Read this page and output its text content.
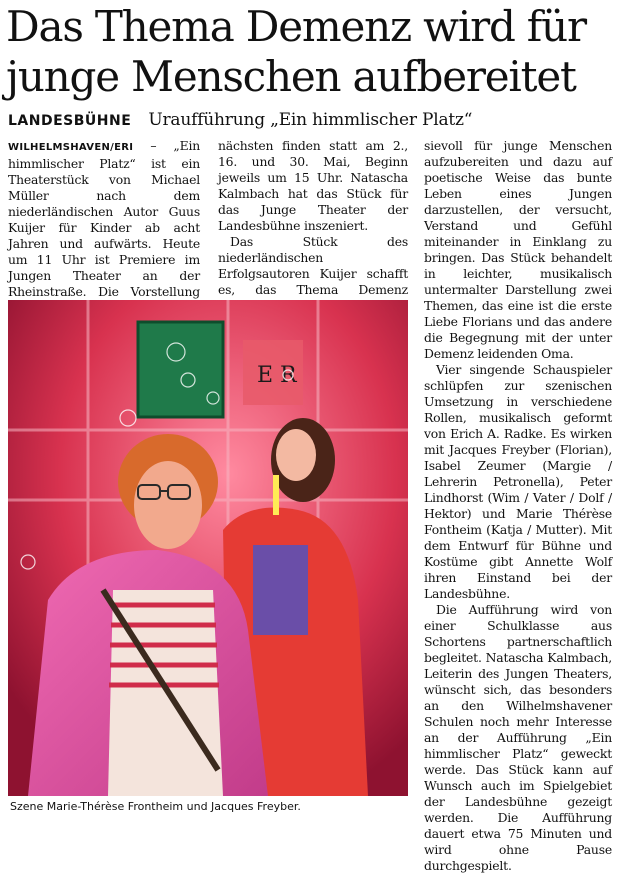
Das Thema Demenz wird für
junge Menschen aufbereitet
LANDESBÜHNE Uraufführung „Ein himmlischer Platz“

WILHELMSHAVEN/ERI – „Ein himmlischer Platz“ ist ein Theaterstück von Michael Müller nach dem niederländischen Autor Guus Kuijer für Kinder ab acht Jahren und aufwärts. Heute um 11 Uhr ist Premiere im Jungen Theater an der Rheinstraße. Die Vorstellung

nächsten finden statt am 2., 16. und 30. Mai, Beginn jeweils um 15 Uhr. Natascha Kalmbach hat das Stück für das Junge Theater der Landesbühne inszeniert.

Das Stück des niederländischen Erfolgsautoren Kuijer schafft es, das Thema Demenz

sievoll für junge Menschen aufzubereiten und dazu auf poetische Weise das bunte Leben eines Jungen darzustellen, der versucht, Verstand und Gefühl miteinander in Einklang zu bringen. Das Stück behandelt in leichter, musikalisch untermalter Darstellung zwei Themen, das eine ist die erste Liebe Florians und das andere die Begegnung mit der unter Demenz leidenden Oma.

Vier singende Schauspieler schlüpfen zur szenischen Umsetzung in verschiedene Rollen, musikalisch geformt von Erich A. Radke. Es wirken mit Jacques Freyber (Florian), Isabel Zeumer (Margie / Lehrerin Petronella), Peter Lindhorst (Wim / Vater / Dolf / Hektor) und Marie Thérèse Fontheim (Katja / Mutter). Mit dem Entwurf für Bühne und Kostüme gibt Annette Wolf ihren Einstand bei der Landesbühne.

Die Aufführung wird von einer Schulklasse aus Schortens partnerschaftlich begleitet. Natascha Kalmbach, Leiterin des Jungen Theaters, wünscht sich, das besonders an den Wilhelmshavener Schulen noch mehr Interesse an der Aufführung „Ein himmlischer Platz“ geweckt werde. Das Stück kann auf Wunsch auch im Spielgebiet der Landesbühne gezeigt werden. Die Aufführung dauert etwa 75 Minuten und wird ohne Pause durchgespielt.

E R
Szene Marie-Thérèse Frontheim und Jacques Freyber.
